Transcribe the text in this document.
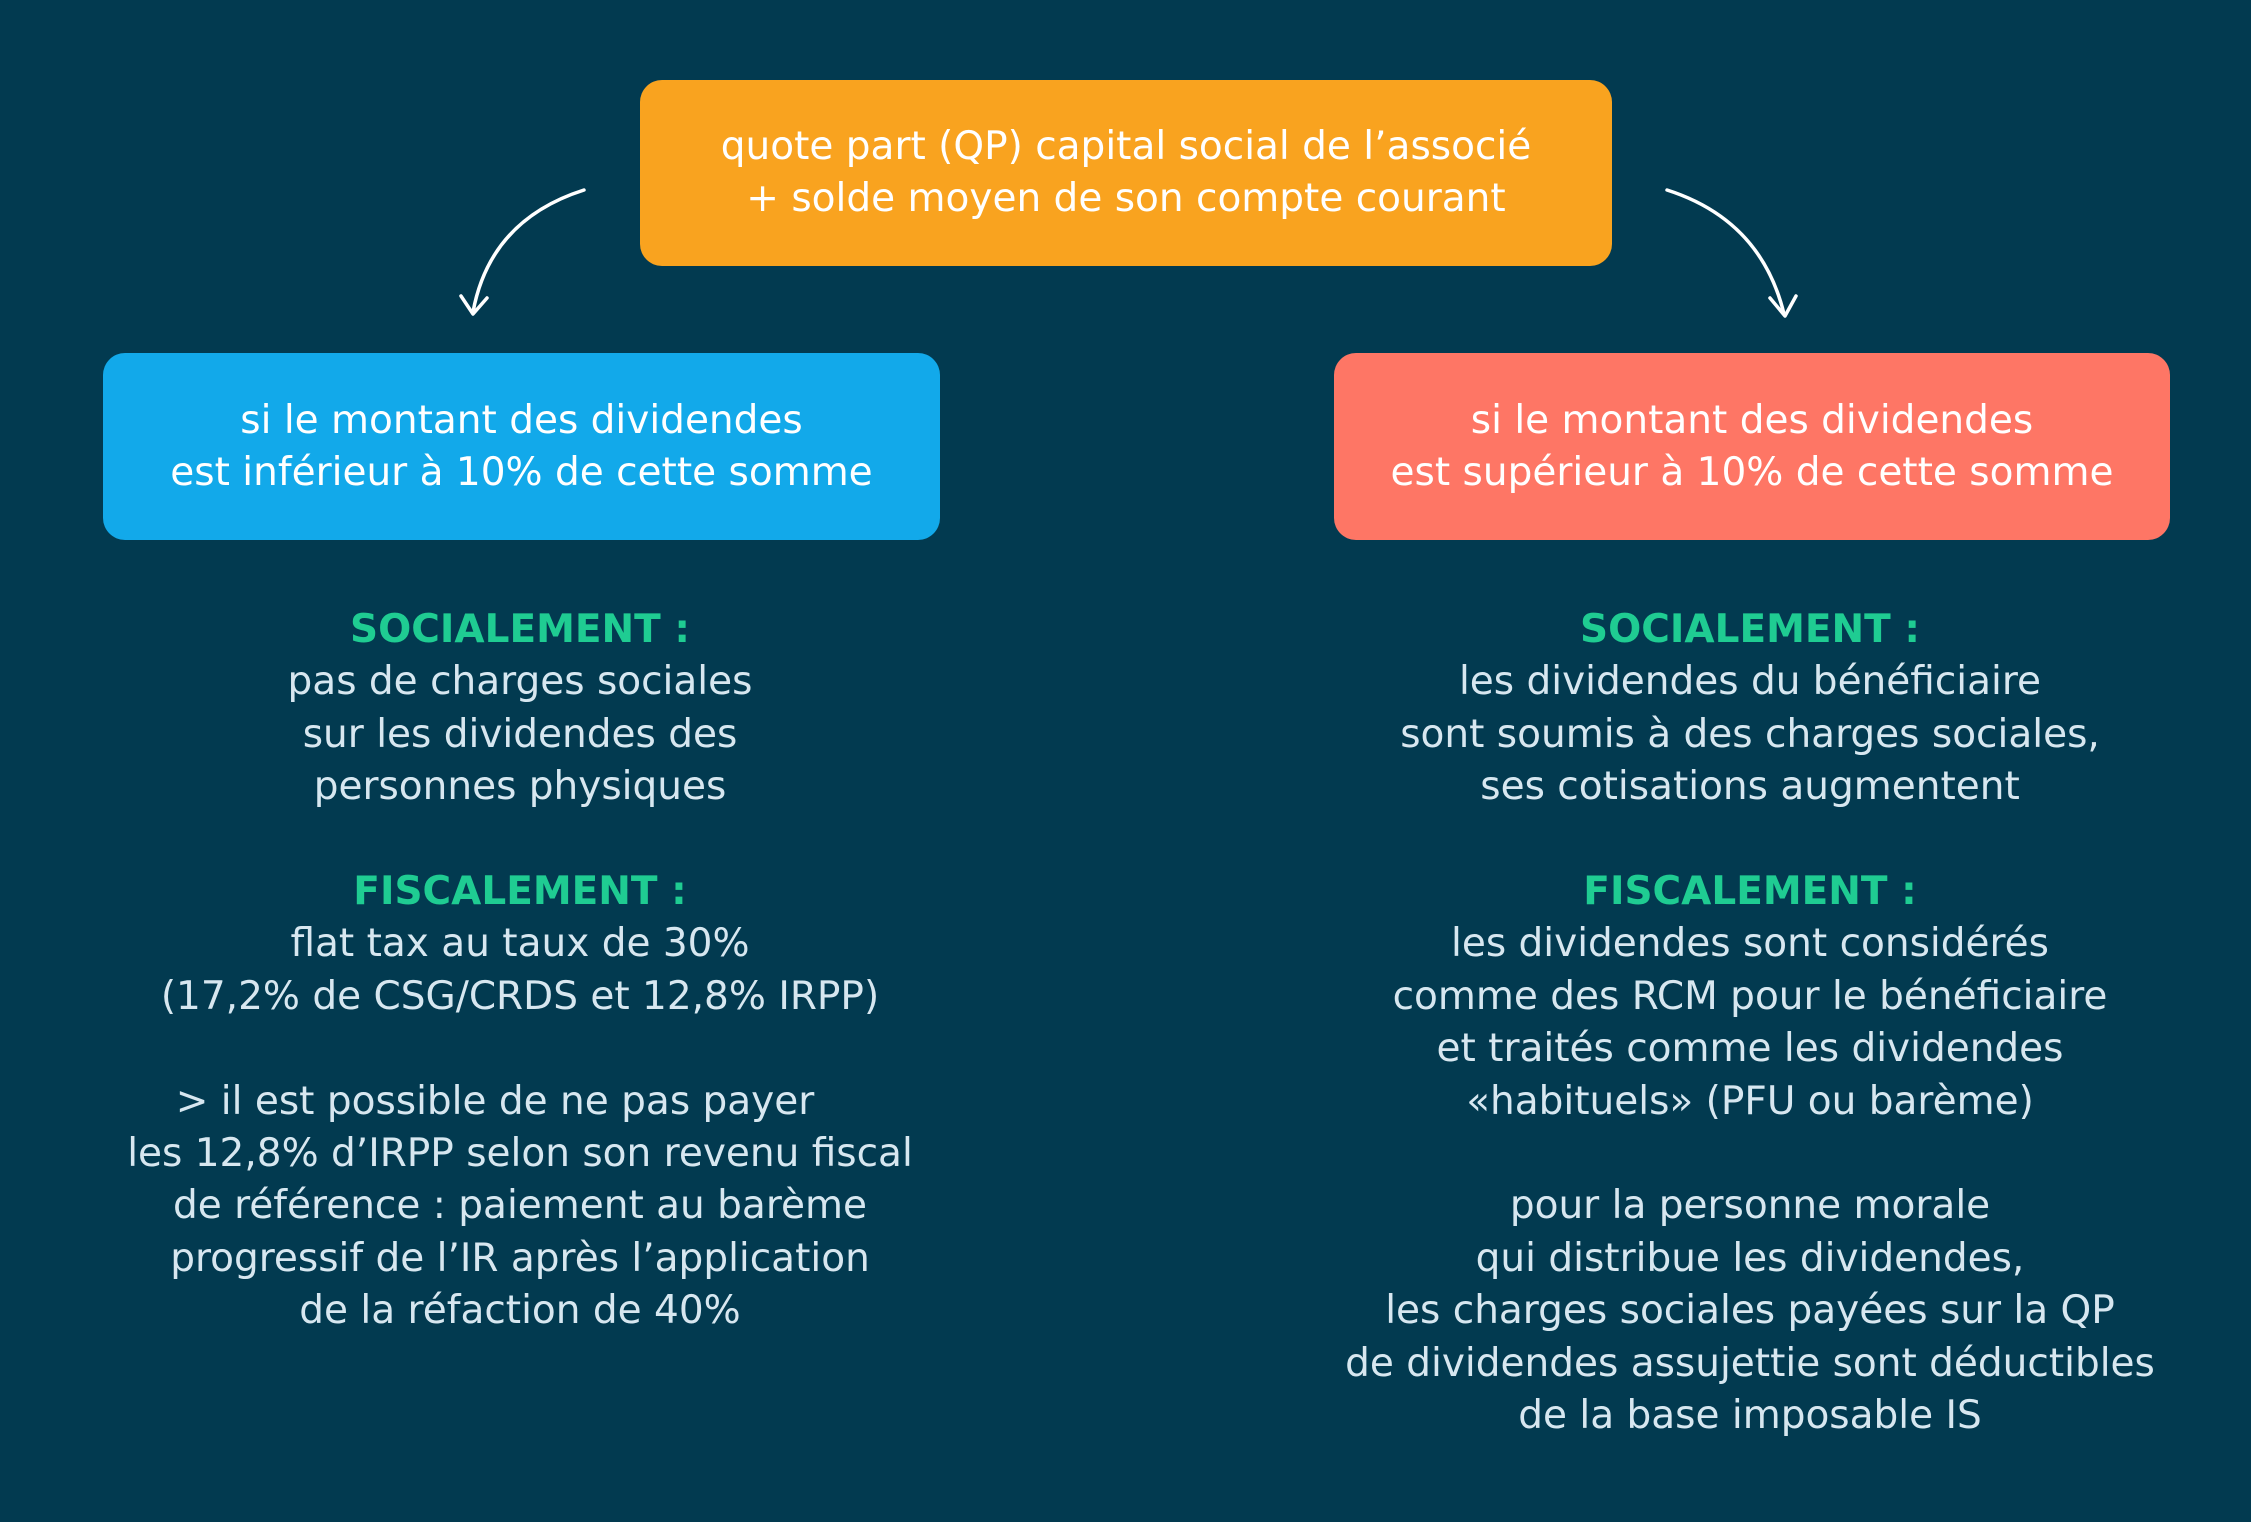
quote part (QP) capital social de l’associé
+ solde moyen de son compte courant
si le montant des dividendes
est inférieur à 10% de cette somme
si le montant des dividendes
est supérieur à 10% de cette somme
SOCIALEMENT :
pas de charges sociales
sur les dividendes des
personnes physiques
FISCALEMENT :
flat tax au taux de 30%
(17,2% de CSG/CRDS et 12,8% IRPP)
> il est possible de ne pas payer
les 12,8% d’IRPP selon son revenu fiscal
de référence : paiement au barème
progressif de l’IR après l’application
de la réfaction de 40%
SOCIALEMENT :
les dividendes du bénéficiaire
sont soumis à des charges sociales,
ses cotisations augmentent
FISCALEMENT :
les dividendes sont considérés
comme des RCM pour le bénéficiaire
et traités comme les dividendes
«habituels» (PFU ou barème)
pour la personne morale
qui distribue les dividendes,
les charges sociales payées sur la QP
de dividendes assujettie sont déductibles
de la base imposable IS
